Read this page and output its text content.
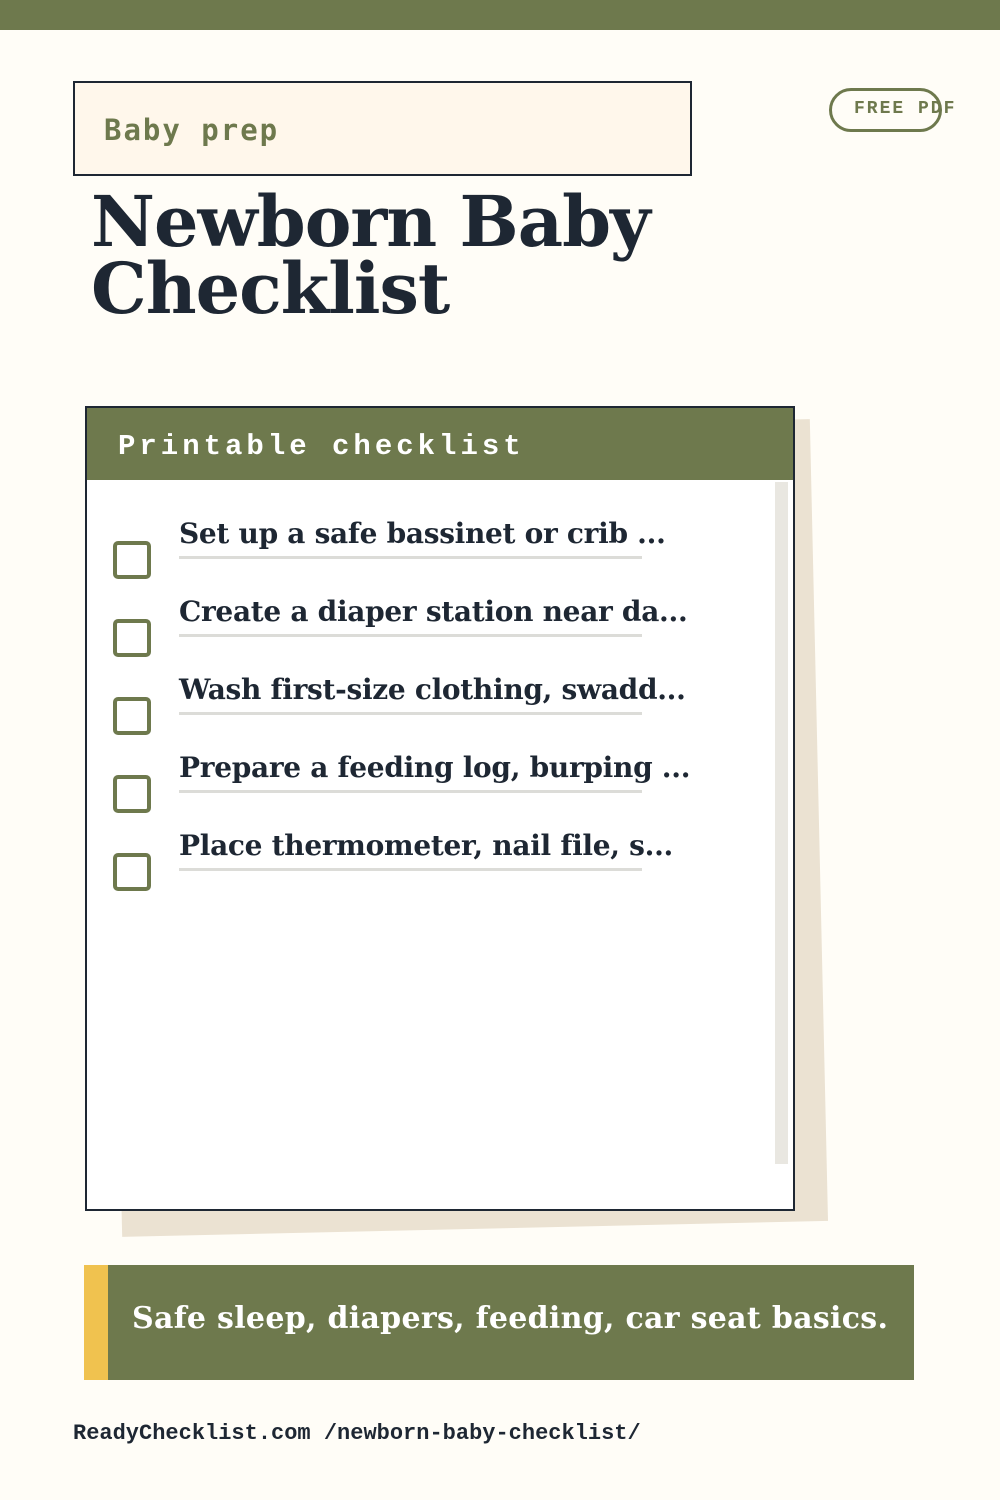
Baby prep
FREE PDF
Newborn Baby
Checklist
Printable checklist
Set up a safe bassinet or crib ...
Create a diaper station near da...
Wash first-size clothing, swadd...
Prepare a feeding log, burping ...
Place thermometer, nail file, s...
Safe sleep, diapers, feeding, car seat basics.
ReadyChecklist.com /newborn-baby-checklist/
